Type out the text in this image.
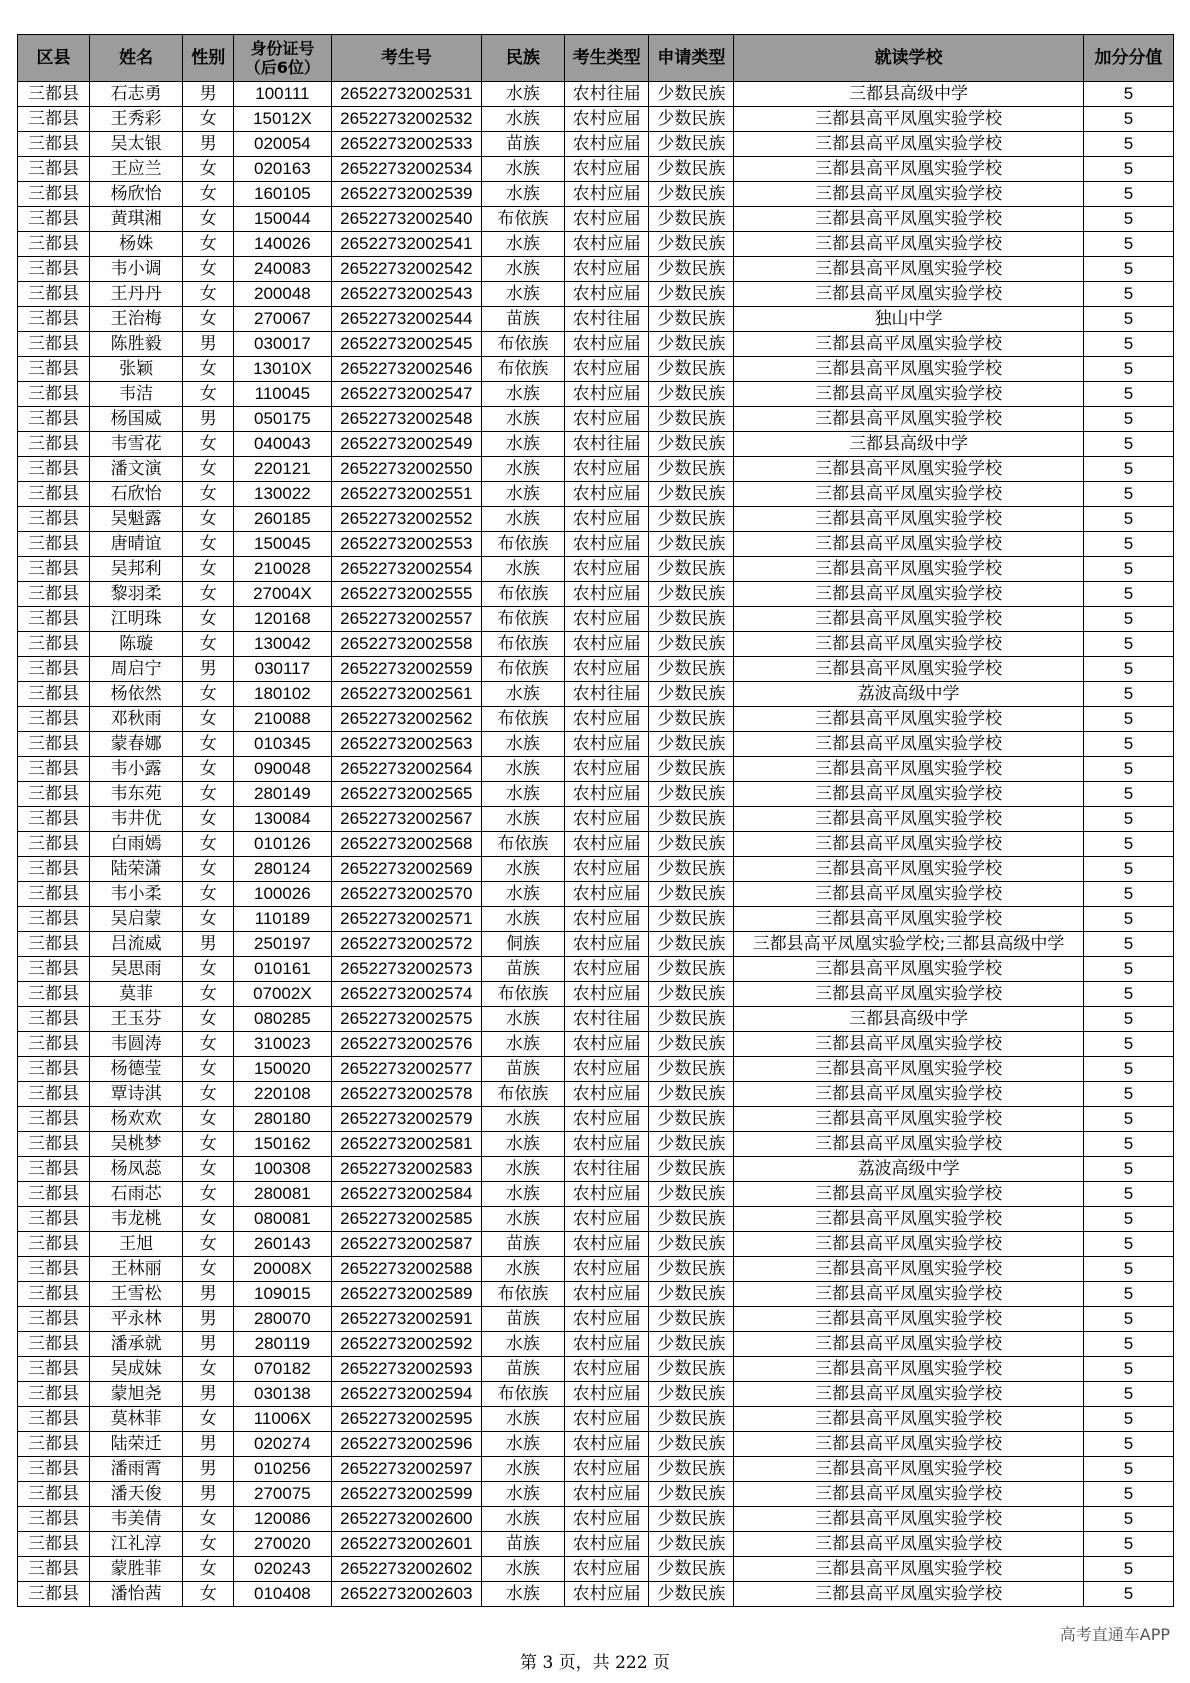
区县	姓名	性别	身份证号
（后6位）	考生号	民族	考生类型	申请类型	就读学校	加分分值
三都县	石志勇	男	100111	26522732002531	水族	农村往届	少数民族	三都县高级中学	5
三都县	王秀彩	女	15012X	26522732002532	水族	农村应届	少数民族	三都县高平凤凰实验学校	5
三都县	吴太银	男	020054	26522732002533	苗族	农村应届	少数民族	三都县高平凤凰实验学校	5
三都县	王应兰	女	020163	26522732002534	水族	农村应届	少数民族	三都县高平凤凰实验学校	5
三都县	杨欣怡	女	160105	26522732002539	水族	农村应届	少数民族	三都县高平凤凰实验学校	5
三都县	黄琪湘	女	150044	26522732002540	布依族	农村应届	少数民族	三都县高平凤凰实验学校	5
三都县	杨姝	女	140026	26522732002541	水族	农村应届	少数民族	三都县高平凤凰实验学校	5
三都县	韦小调	女	240083	26522732002542	水族	农村应届	少数民族	三都县高平凤凰实验学校	5
三都县	王丹丹	女	200048	26522732002543	水族	农村应届	少数民族	三都县高平凤凰实验学校	5
三都县	王治梅	女	270067	26522732002544	苗族	农村往届	少数民族	独山中学	5
三都县	陈胜毅	男	030017	26522732002545	布依族	农村应届	少数民族	三都县高平凤凰实验学校	5
三都县	张颖	女	13010X	26522732002546	布依族	农村应届	少数民族	三都县高平凤凰实验学校	5
三都县	韦洁	女	110045	26522732002547	水族	农村应届	少数民族	三都县高平凤凰实验学校	5
三都县	杨国威	男	050175	26522732002548	水族	农村应届	少数民族	三都县高平凤凰实验学校	5
三都县	韦雪花	女	040043	26522732002549	水族	农村往届	少数民族	三都县高级中学	5
三都县	潘文演	女	220121	26522732002550	水族	农村应届	少数民族	三都县高平凤凰实验学校	5
三都县	石欣怡	女	130022	26522732002551	水族	农村应届	少数民族	三都县高平凤凰实验学校	5
三都县	吴魁露	女	260185	26522732002552	水族	农村应届	少数民族	三都县高平凤凰实验学校	5
三都县	唐晴谊	女	150045	26522732002553	布依族	农村应届	少数民族	三都县高平凤凰实验学校	5
三都县	吴邦利	女	210028	26522732002554	水族	农村应届	少数民族	三都县高平凤凰实验学校	5
三都县	黎羽柔	女	27004X	26522732002555	布依族	农村应届	少数民族	三都县高平凤凰实验学校	5
三都县	江明珠	女	120168	26522732002557	布依族	农村应届	少数民族	三都县高平凤凰实验学校	5
三都县	陈璇	女	130042	26522732002558	布依族	农村应届	少数民族	三都县高平凤凰实验学校	5
三都县	周启宁	男	030117	26522732002559	布依族	农村应届	少数民族	三都县高平凤凰实验学校	5
三都县	杨依然	女	180102	26522732002561	水族	农村往届	少数民族	荔波高级中学	5
三都县	邓秋雨	女	210088	26522732002562	布依族	农村应届	少数民族	三都县高平凤凰实验学校	5
三都县	蒙春娜	女	010345	26522732002563	水族	农村应届	少数民族	三都县高平凤凰实验学校	5
三都县	韦小露	女	090048	26522732002564	水族	农村应届	少数民族	三都县高平凤凰实验学校	5
三都县	韦东苑	女	280149	26522732002565	水族	农村应届	少数民族	三都县高平凤凰实验学校	5
三都县	韦井优	女	130084	26522732002567	水族	农村应届	少数民族	三都县高平凤凰实验学校	5
三都县	白雨嫣	女	010126	26522732002568	布依族	农村应届	少数民族	三都县高平凤凰实验学校	5
三都县	陆荣潇	女	280124	26522732002569	水族	农村应届	少数民族	三都县高平凤凰实验学校	5
三都县	韦小柔	女	100026	26522732002570	水族	农村应届	少数民族	三都县高平凤凰实验学校	5
三都县	吴启蒙	女	110189	26522732002571	水族	农村应届	少数民族	三都县高平凤凰实验学校	5
三都县	吕流威	男	250197	26522732002572	侗族	农村应届	少数民族	三都县高平凤凰实验学校;三都县高级中学	5
三都县	吴思雨	女	010161	26522732002573	苗族	农村应届	少数民族	三都县高平凤凰实验学校	5
三都县	莫菲	女	07002X	26522732002574	布依族	农村应届	少数民族	三都县高平凤凰实验学校	5
三都县	王玉芬	女	080285	26522732002575	水族	农村往届	少数民族	三都县高级中学	5
三都县	韦圆涛	女	310023	26522732002576	水族	农村应届	少数民族	三都县高平凤凰实验学校	5
三都县	杨德莹	女	150020	26522732002577	苗族	农村应届	少数民族	三都县高平凤凰实验学校	5
三都县	覃诗淇	女	220108	26522732002578	布依族	农村应届	少数民族	三都县高平凤凰实验学校	5
三都县	杨欢欢	女	280180	26522732002579	水族	农村应届	少数民族	三都县高平凤凰实验学校	5
三都县	吴桃梦	女	150162	26522732002581	水族	农村应届	少数民族	三都县高平凤凰实验学校	5
三都县	杨凤蕊	女	100308	26522732002583	水族	农村往届	少数民族	荔波高级中学	5
三都县	石雨芯	女	280081	26522732002584	水族	农村应届	少数民族	三都县高平凤凰实验学校	5
三都县	韦龙桃	女	080081	26522732002585	水族	农村应届	少数民族	三都县高平凤凰实验学校	5
三都县	王旭	女	260143	26522732002587	苗族	农村应届	少数民族	三都县高平凤凰实验学校	5
三都县	王林丽	女	20008X	26522732002588	水族	农村应届	少数民族	三都县高平凤凰实验学校	5
三都县	王雪松	男	109015	26522732002589	布依族	农村应届	少数民族	三都县高平凤凰实验学校	5
三都县	平永林	男	280070	26522732002591	苗族	农村应届	少数民族	三都县高平凤凰实验学校	5
三都县	潘承就	男	280119	26522732002592	水族	农村应届	少数民族	三都县高平凤凰实验学校	5
三都县	吴成妹	女	070182	26522732002593	苗族	农村应届	少数民族	三都县高平凤凰实验学校	5
三都县	蒙旭尧	男	030138	26522732002594	布依族	农村应届	少数民族	三都县高平凤凰实验学校	5
三都县	莫林菲	女	11006X	26522732002595	水族	农村应届	少数民族	三都县高平凤凰实验学校	5
三都县	陆荣迁	男	020274	26522732002596	水族	农村应届	少数民族	三都县高平凤凰实验学校	5
三都县	潘雨霄	男	010256	26522732002597	水族	农村应届	少数民族	三都县高平凤凰实验学校	5
三都县	潘天俊	男	270075	26522732002599	水族	农村应届	少数民族	三都县高平凤凰实验学校	5
三都县	韦美倩	女	120086	26522732002600	水族	农村应届	少数民族	三都县高平凤凰实验学校	5
三都县	江礼淳	女	270020	26522732002601	苗族	农村应届	少数民族	三都县高平凤凰实验学校	5
三都县	蒙胜菲	女	020243	26522732002602	水族	农村应届	少数民族	三都县高平凤凰实验学校	5
三都县	潘怡茜	女	010408	26522732002603	水族	农村应届	少数民族	三都县高平凤凰实验学校	5
高考直通车APP
第 3 页，共 222 页
